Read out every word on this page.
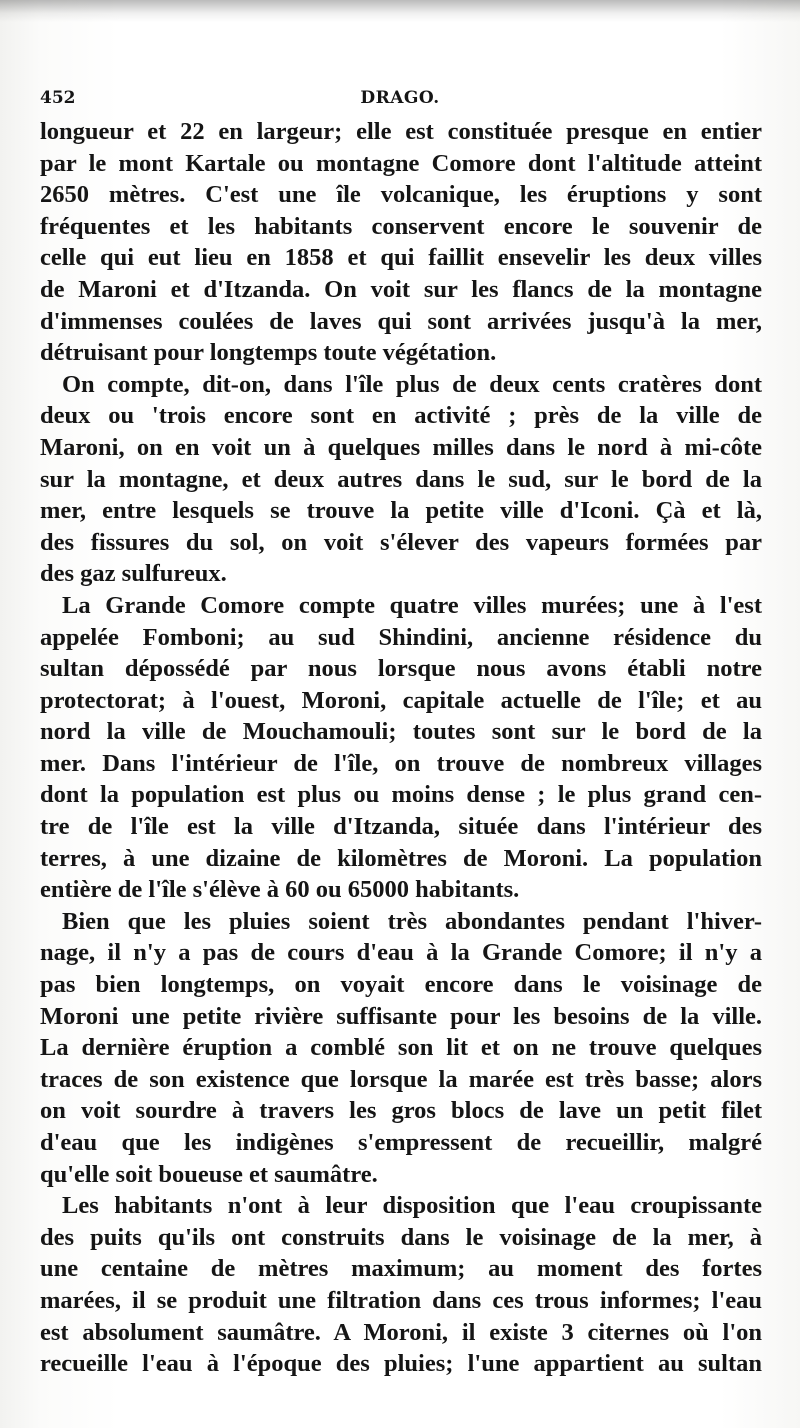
452	DRAGO.
longueur et 22 en largeur; elle est constituée presque en entier
par le mont Kartale ou montagne Comore dont l'altitude atteint
2650 mètres. C'est une île volcanique, les éruptions y sont
fréquentes et les habitants conservent encore le souvenir de
celle qui eut lieu en 1858 et qui faillit ensevelir les deux villes
de Maroni et d'Itzanda. On voit sur les flancs de la montagne
d'immenses coulées de laves qui sont arrivées jusqu'à la mer,
détruisant pour longtemps toute végétation.
On compte, dit-on, dans l'île plus de deux cents cratères dont
deux ou 'trois encore sont en activité ; près de la ville de
Maroni, on en voit un à quelques milles dans le nord à mi-côte
sur la montagne, et deux autres dans le sud, sur le bord de la
mer, entre lesquels se trouve la petite ville d'Iconi. Çà et là,
des fissures du sol, on voit s'élever des vapeurs formées par
des gaz sulfureux.
La Grande Comore compte quatre villes murées; une à l'est
appelée Fomboni; au sud Shindini, ancienne résidence du
sultan dépossédé par nous lorsque nous avons établi notre
protectorat; à l'ouest, Moroni, capitale actuelle de l'île; et au
nord la ville de Mouchamouli; toutes sont sur le bord de la
mer. Dans l'intérieur de l'île, on trouve de nombreux villages
dont la population est plus ou moins dense ; le plus grand cen-
tre de l'île est la ville d'Itzanda, située dans l'intérieur des
terres, à une dizaine de kilomètres de Moroni. La population
entière de l'île s'élève à 60 ou 65000 habitants.
Bien que les pluies soient très abondantes pendant l'hiver-
nage, il n'y a pas de cours d'eau à la Grande Comore; il n'y a
pas bien longtemps, on voyait encore dans le voisinage de
Moroni une petite rivière suffisante pour les besoins de la ville.
La dernière éruption a comblé son lit et on ne trouve quelques
traces de son existence que lorsque la marée est très basse; alors
on voit sourdre à travers les gros blocs de lave un petit filet
d'eau que les indigènes s'empressent de recueillir, malgré
qu'elle soit boueuse et saumâtre.
Les habitants n'ont à leur disposition que l'eau croupissante
des puits qu'ils ont construits dans le voisinage de la mer, à
une centaine de mètres maximum; au moment des fortes
marées, il se produit une filtration dans ces trous informes; l'eau
est absolument saumâtre. A Moroni, il existe 3 citernes où l'on
recueille l'eau à l'époque des pluies; l'une appartient au sultan
